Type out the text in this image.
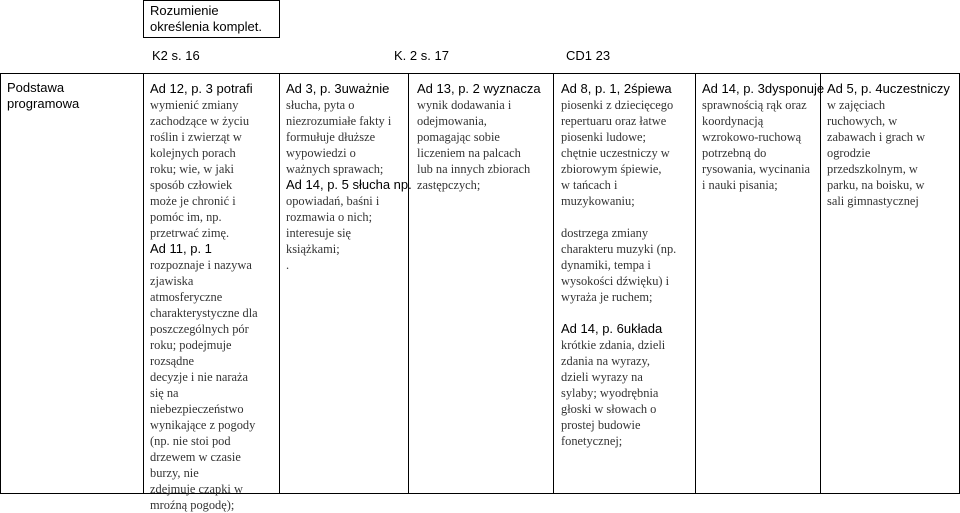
Rozumienie
określenia komplet.
K2 s. 16	K. 2 s. 17	CD1 23
Podstawa
programowa
Ad 12, p. 3 potrafi
wymienić zmiany
zachodzące w życiu
roślin i zwierząt w
kolejnych porach
roku; wie, w jaki
sposób człowiek
może je chronić i
pomóc im, np.
przetrwać zimę.
Ad 11, p. 1
rozpoznaje i nazywa
zjawiska
atmosferyczne
charakterystyczne dla
poszczególnych pór
roku; podejmuje
rozsądne
decyzje i nie naraża
się na
niebezpieczeństwo
wynikające z pogody
(np. nie stoi pod
drzewem w czasie
burzy, nie
zdejmuje czapki w
mroźną pogodę);
Ad 3, p. 3uważnie
słucha, pyta o
niezrozumiałe fakty i
formułuje dłuższe
wypowiedzi o
ważnych sprawach;
Ad 14, p. 5 słucha np.
opowiadań, baśni i
rozmawia o nich;
interesuje się
książkami;
.
Ad 13, p. 2 wyznacza
wynik dodawania i
odejmowania,
pomagając sobie
liczeniem na palcach
lub na innych zbiorach
zastępczych;
Ad 8, p. 1, 2śpiewa
piosenki z dziecięcego
repertuaru oraz łatwe
piosenki ludowe;
chętnie uczestniczy w
zbiorowym śpiewie,
w tańcach i
muzykowaniu;
dostrzega zmiany
charakteru muzyki (np.
dynamiki, tempa i
wysokości dźwięku) i
wyraża je ruchem;
Ad 14, p. 6układa
krótkie zdania, dzieli
zdania na wyrazy,
dzieli wyrazy na
sylaby; wyodrębnia
głoski w słowach o
prostej budowie
fonetycznej;
Ad 14, p. 3dysponuje
sprawnością rąk oraz
koordynacją
wzrokowo-ruchową
potrzebną do
rysowania, wycinania
i nauki pisania;
Ad 5, p. 4uczestniczy
w zajęciach
ruchowych, w
zabawach i grach w
ogrodzie
przedszkolnym, w
parku, na boisku, w
sali gimnastycznej
